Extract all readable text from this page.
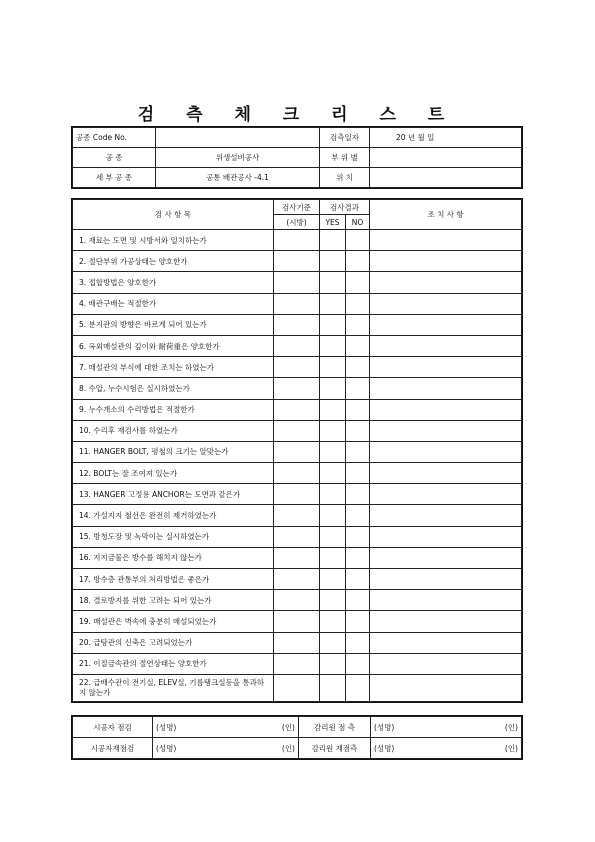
검 측 체 크 리 스 트
공종 Code No.		검측일자	20 년 월 일
공 종	위생설비공사	부 위 별	
세 부 공 종	공통 배관공사 -4.1	위 치	
검 사 항 목	검사기준	검사결과		조 치 사 항
	(시방)	YES	NO	
1. 재료는 도면 및 시방서와 일치하는가				
2. 절단부위 가공상태는 양호한가				
3. 접합방법은 양호한가				
4. 배관구배는 적절한가				
5. 분지관의 방향은 바르게 되어 있는가				
6. 옥외매설관의 깊이와 耐荷重은 양호한가				
7. 매설관의 부식에 대한 조치는 하였는가				
8. 수압, 누수시험은 실시하였는가				
9. 누수개소의 수리방법은 적절한가				
10. 수리후 재검사를 하였는가				
11. HANGER BOLT, 평철의 크기는 알맞는가				
12. BOLT는 잘 조여져 있는가				
13. HANGER 고정용 ANCHOR는 도면과 같은가				
14. 가설지지 철선은 완전히 제거하였는가				
15. 방청도장 및 녹막이는 실시하였는가				
16. 지지금물은 방수를 해치지 않는가				
17. 방수층 관통부의 처리방법은 좋은가				
18. 결로방지를 위한 고려는 되어 있는가				
19. 매설관은 벽속에 충분히 매설되었는가				
20. 급탕관의 신축은 고려되었는가				
21. 이질금속관의 절연상태는 양호한가				
22. 급배수관이 전기실, ELEV실, 기름탱크실등을 통과하지 않는가				
시공자 점검	(성명)	(인)	감리원 점 측	(성명)	(인)
시공자재점검	(성명)	(인)	감리원 재점측	(성명)	(인)
